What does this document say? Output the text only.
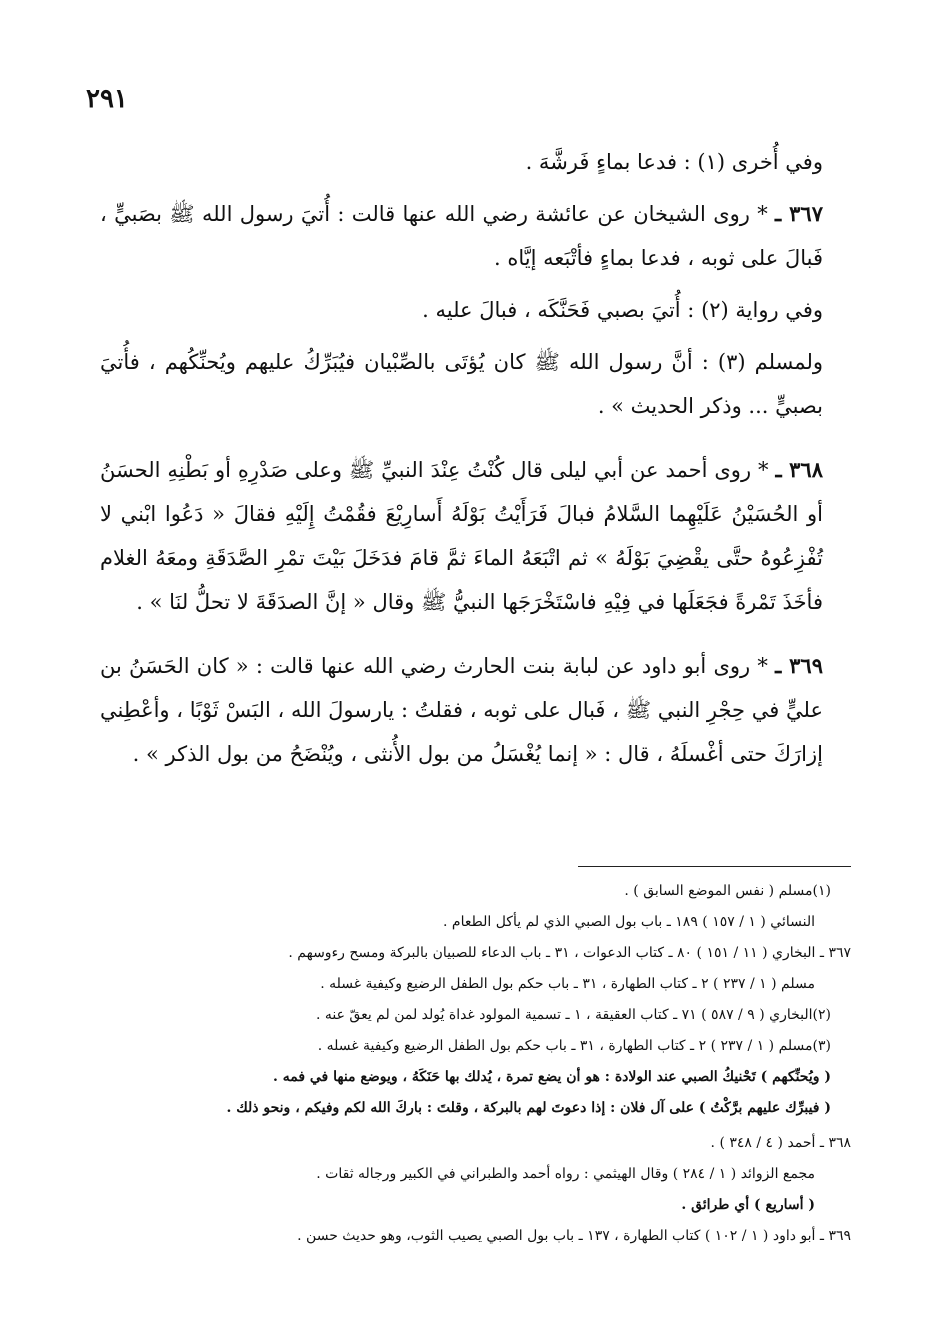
٢٩١

وفي أُخرى (١) : فدعا بماءٍ فَرشَّهَ .

٣٦٧ ـ * روى الشيخان عن عائشة رضي الله عنها قالت : أُتيَ رسول الله ﷺ بصَبيٍّ ، فَبالَ على ثوبه ، فدعا بماءٍ فأتْبَعه إيَّاه .

وفي رواية (٢) : أُتيَ بصبي فَحَنَّكَه ، فبالَ عليه .

ولمسلم (٣) : أنَّ رسول الله ﷺ كان يُؤتَى بالصِّبْيان فيُبَرِّكُ عليهم ويُحنِّكُهم ، فأُتيَ بصبيٍّ ... وذكر الحديث » .

٣٦٨ ـ * روى أحمد عن أبي ليلى قال كُنْتُ عِنْدَ النبيِّ ﷺ وعلى صَدْرِهِ أو بَطْنِهِ الحسَنُ أو الحُسَيْنُ عَلَيْهِما السَّلامُ فبالَ فَرَأَيْتُ بَوْلَهُ أَسارِيْعَ فقُمْتُ إِلَيْهِ فقالَ « دَعُوا ابْني لا تُفْزِعُوهُ حتَّى يقْضِيَ بَوْلَهُ » ثم اتْبَعَهُ الماءَ ثمَّ قامَ فدَخَلَ بَيْتَ تمْرِ الصَّدَقَةِ ومعَهُ الغلام فأخَذَ تَمْرةً فجَعَلَها في فِيْهِ فاسْتَخْرَجَها النبيُّ ﷺ وقال « إنَّ الصدَقَةَ لا تحلُّ لنَا » .

٣٦٩ ـ * روى أبو داود عن لبابة بنت الحارث رضي الله عنها قالت : « كان الحَسَنُ بن عليٍّ في حِجْرِ النبي ﷺ ، فَبال على ثوبه ، فقلتُ : يارسولَ الله ، البَسْ ثَوْبًا ، وأعْطِني إزارَكَ حتى أغْسلَهُ ، قال : « إنما يُغْسَلُ من بول الأُنثى ، ويُنْضَحُ من بول الذكر » .

(١)مسلم ( نفس الموضع السابق ) .

النسائي ( ١ / ١٥٧ ) ١٨٩ ـ باب بول الصبي الذي لم يأكل الطعام .

٣٦٧ ـ البخاري ( ١١ / ١٥١ ) ٨٠ ـ كتاب الدعوات ، ٣١ ـ باب الدعاء للصبيان بالبركة ومسح رءوسهم .

مسلم ( ١ / ٢٣٧ ) ٢ ـ كتاب الطهارة ، ٣١ ـ باب حكم بول الطفل الرضيع وكيفية غسله .

(٢)البخاري ( ٩ / ٥٨٧ ) ٧١ ـ كتاب العقيقة ، ١ ـ تسمية المولود غداة يُولد لمن لم يعقّ عنه .

(٣)مسلم ( ١ / ٢٣٧ ) ٢ ـ كتاب الطهارة ، ٣١ ـ باب حكم بول الطفل الرضيع وكيفية غسله .

( ويُحنِّكهم ) تَحْنيكُ الصبي عند الولادة : هو أن يضع تمرة ، يُدلك بها حَنَكَهُ ، ويوضع منها في فمه .

( فيبرِّك عليهم برَّكْتُ ) على آل فلان : إذا دعوتَ لهم بالبركة ، وقلتَ : باركَ الله لكم وفيكم ، ونحو ذلك .

٣٦٨ ـ أحمد ( ٤ / ٣٤٨ ) .

مجمع الزوائد ( ١ / ٢٨٤ ) وقال الهيثمي : رواه أحمد والطبراني في الكبير ورجاله ثقات .

( أساريع ) أي طرائق .

٣٦٩ ـ أبو داود ( ١ / ١٠٢ ) كتاب الطهارة ، ١٣٧ ـ باب بول الصبي يصيب الثوب، وهو حديث حسن .
